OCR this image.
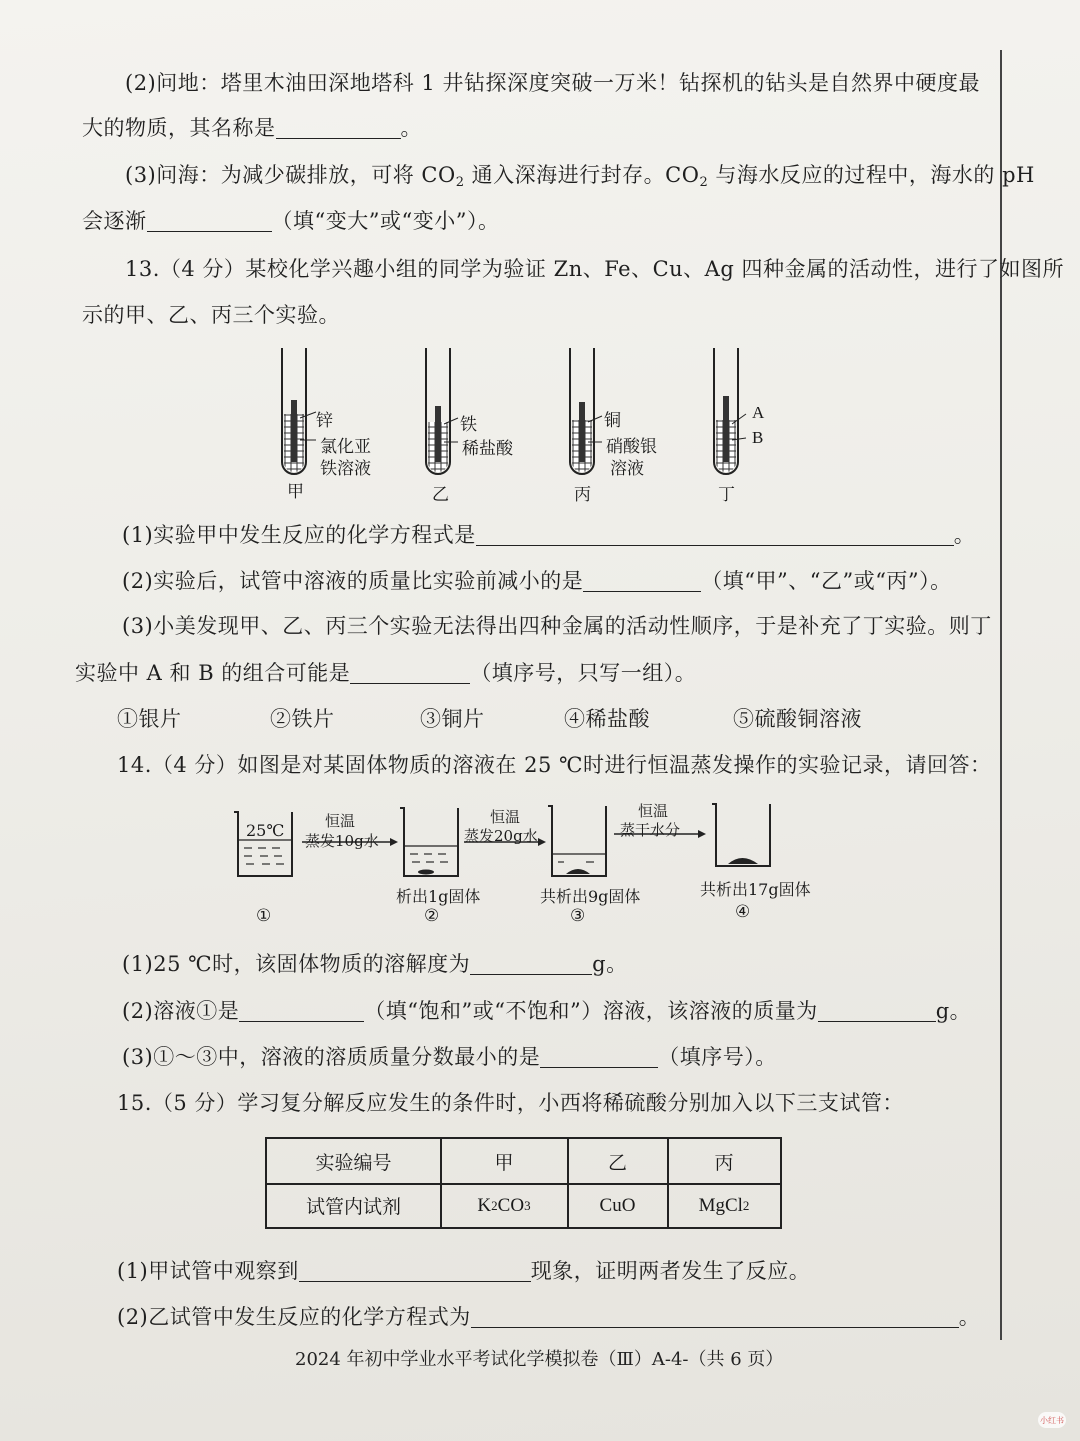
(2)问地：塔里木油田深地塔科 1 井钻探深度突破一万米！钻探机的钻头是自然界中硬度最
大的物质，其名称是	。
(3)问海：为减少碳排放，可将 $CO_2$ 通入深海进行封存。$CO_2$ 与海水反应的过程中，海水的 pH
会逐渐	（填“变大”或“变小”）。
13.（4 分）某校化学兴趣小组的同学为验证 Zn、Fe、Cu、Ag 四种金属的活动性，进行了如图所
示的甲、乙、丙三个实验。
锌
氯化亚
铁溶液
甲
铁
稀盐酸
乙
铜
硝酸银
溶液
丙
A
B
丁
(1)实验甲中发生反应的化学方程式是	。
(2)实验后，试管中溶液的质量比实验前减小的是	（填“甲”、“乙”或“丙”）。
(3)小美发现甲、乙、丙三个实验无法得出四种金属的活动性顺序，于是补充了丁实验。则丁
实验中 A 和 B 的组合可能是	（填序号，只写一组）。
①银片	②铁片	③铜片	④稀盐酸	⑤硫酸铜溶液
14.（4 分）如图是对某固体物质的溶液在 25 ℃时进行恒温蒸发操作的实验记录，请回答：
25℃	恒温
蒸发10g水
恒温
蒸发20g水
恒温
蒸干水分
析出1g固体	共析出9g固体	共析出17g固体
①	②	③	④
(1)25 ℃时，该固体物质的溶解度为	g。
(2)溶液①是	（填“饱和”或“不饱和”）溶液，该溶液的质量为	g。
(3)①～③中，溶液的溶质质量分数最小的是	（填序号）。
15.（5 分）学习复分解反应发生的条件时，小西将稀硫酸分别加入以下三支试管：
实验编号	甲	乙	丙
试管内试剂	K 2 CO 3	CuO	MgCl 2
(1)甲试管中观察到	现象，证明两者发生了反应。
(2)乙试管中发生反应的化学方程式为	。
2024 年初中学业水平考试化学模拟卷（Ⅲ）A-4-（共 6 页）
小红书
